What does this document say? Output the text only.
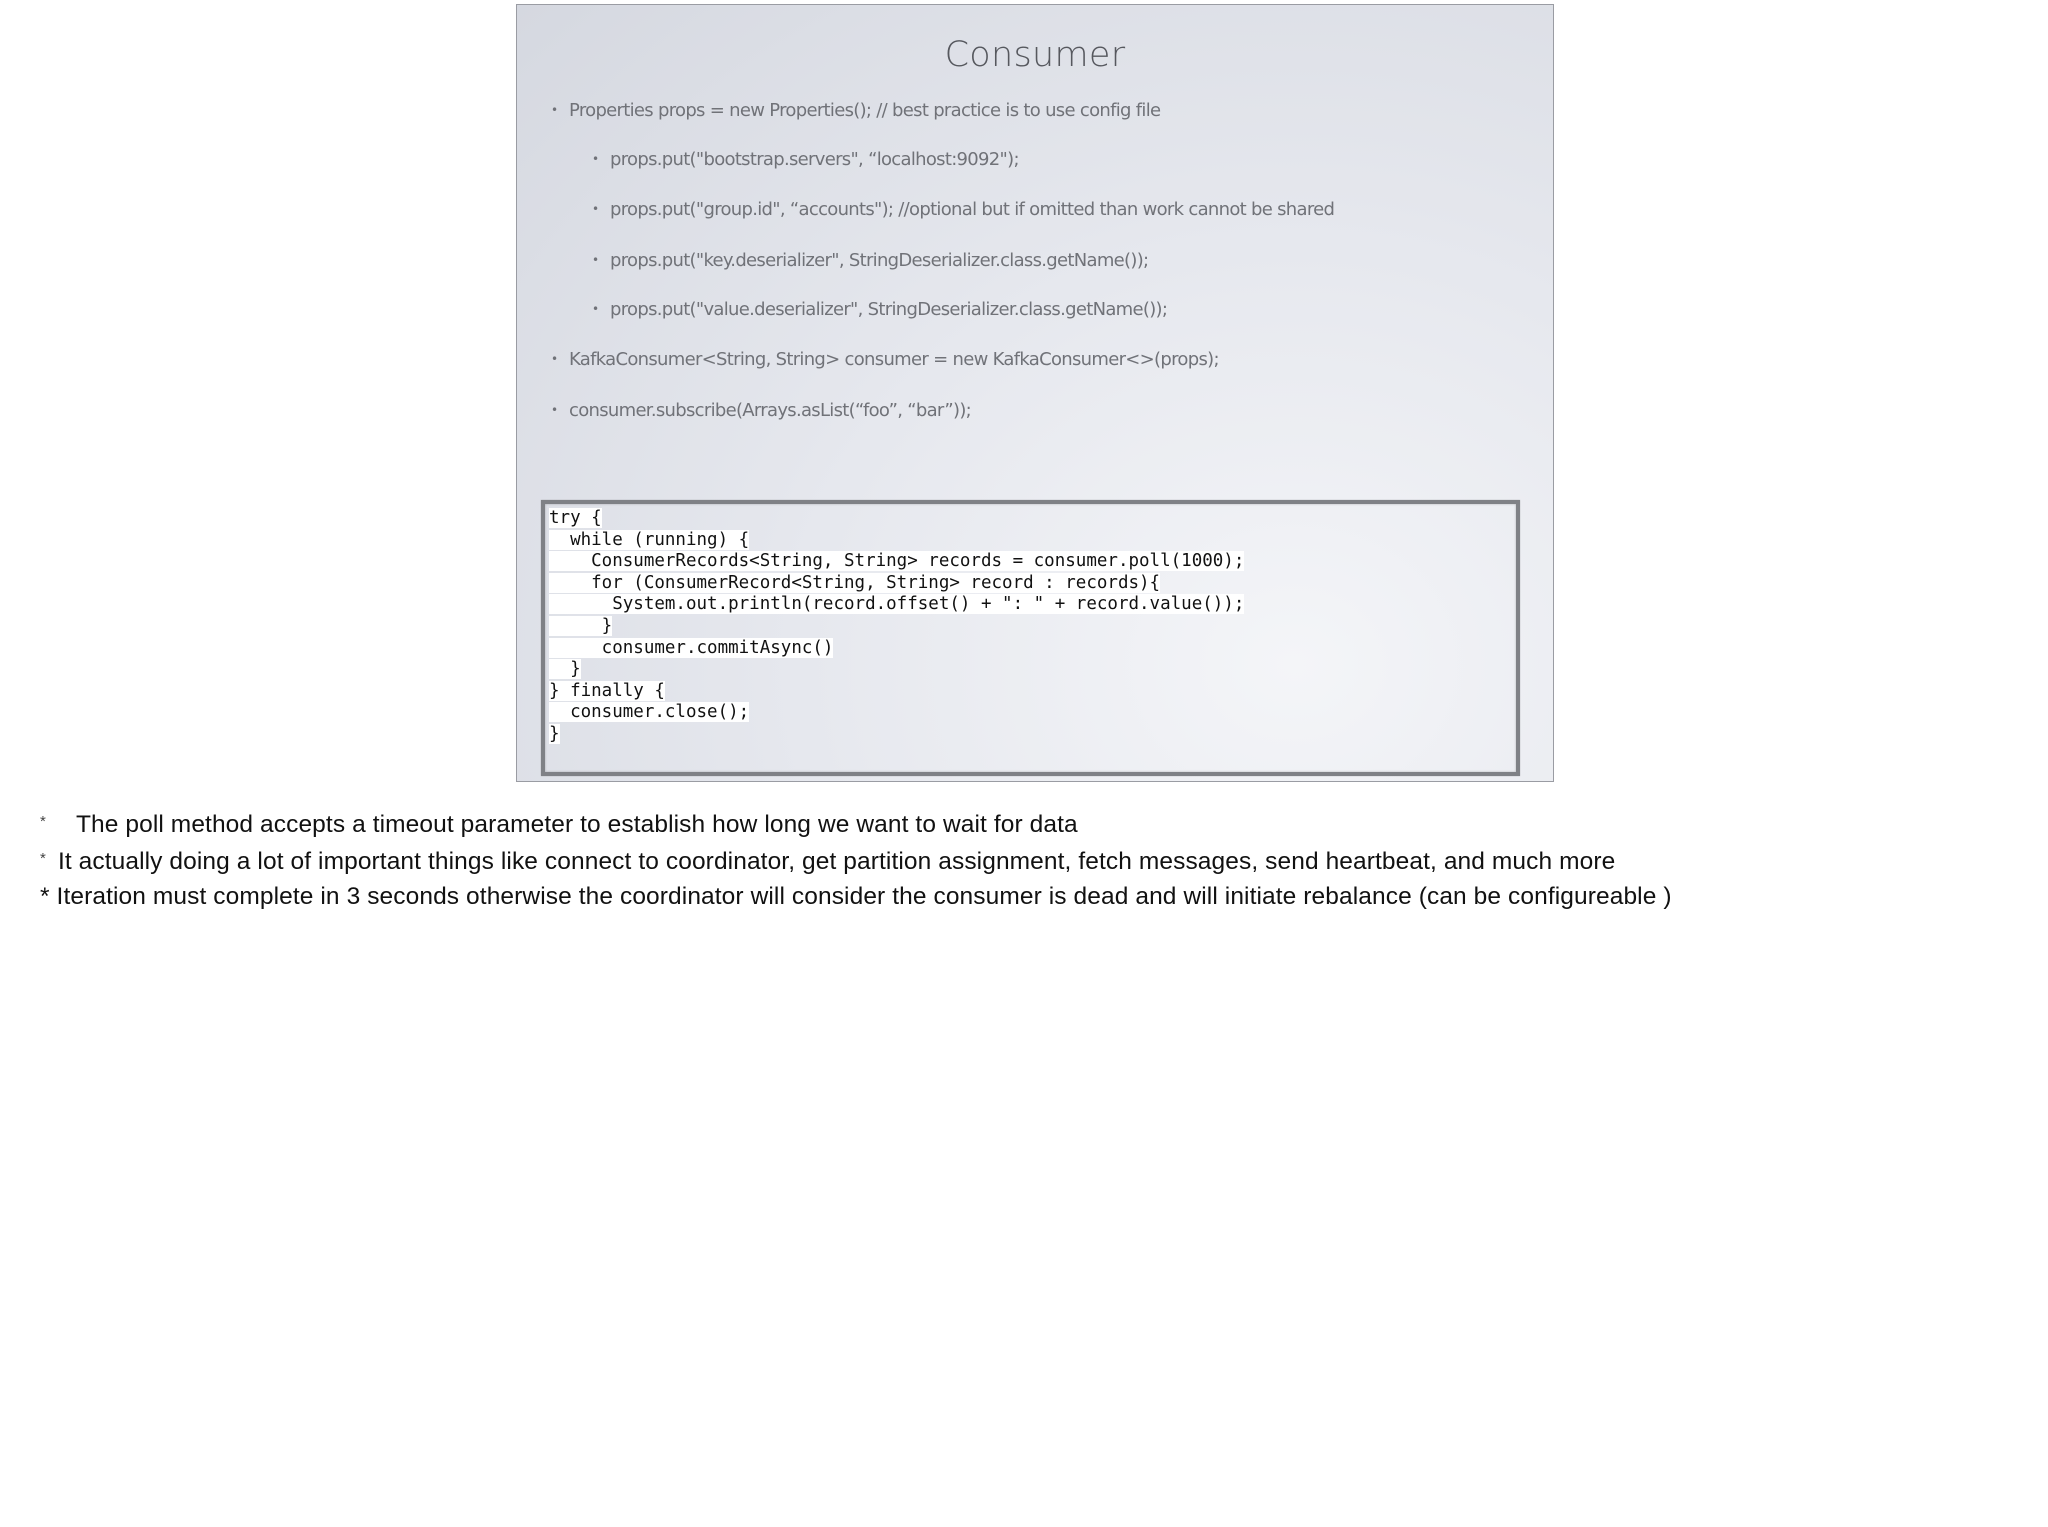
Consumer
• Properties props = new Properties(); // best practice is to use config file
• props.put("bootstrap.servers", “localhost:9092");
• props.put("group.id", “accounts"); //optional but if omitted than work cannot be shared
• props.put("key.deserializer", StringDeserializer.class.getName());
• props.put("value.deserializer", StringDeserializer.class.getName());
• KafkaConsumer<String, String> consumer = new KafkaConsumer<>(props);
• consumer.subscribe(Arrays.asList(“foo”, “bar”));
try {
while (running) {
ConsumerRecords<String, String> records = consumer.poll(1000);
for (ConsumerRecord<String, String> record : records){
System.out.println(record.offset() + ": " + record.value());
}
consumer.commitAsync()
}
} finally {
consumer.close();
}
* The poll method accepts a timeout parameter to establish how long we want to wait for data
* It actually doing a lot of important things like connect to coordinator, get partition assignment, fetch messages, send heartbeat, and much more
* Iteration must complete in 3 seconds otherwise the coordinator will consider the consumer is dead and will initiate rebalance (can be configureable )
